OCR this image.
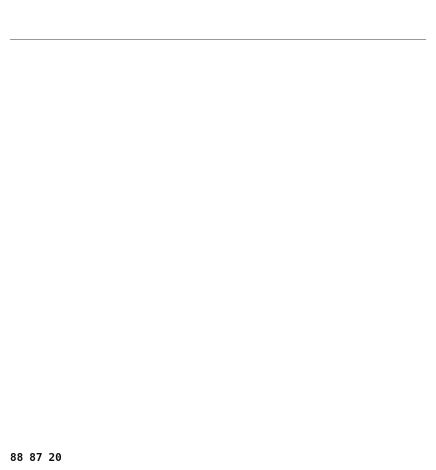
88 87 20
